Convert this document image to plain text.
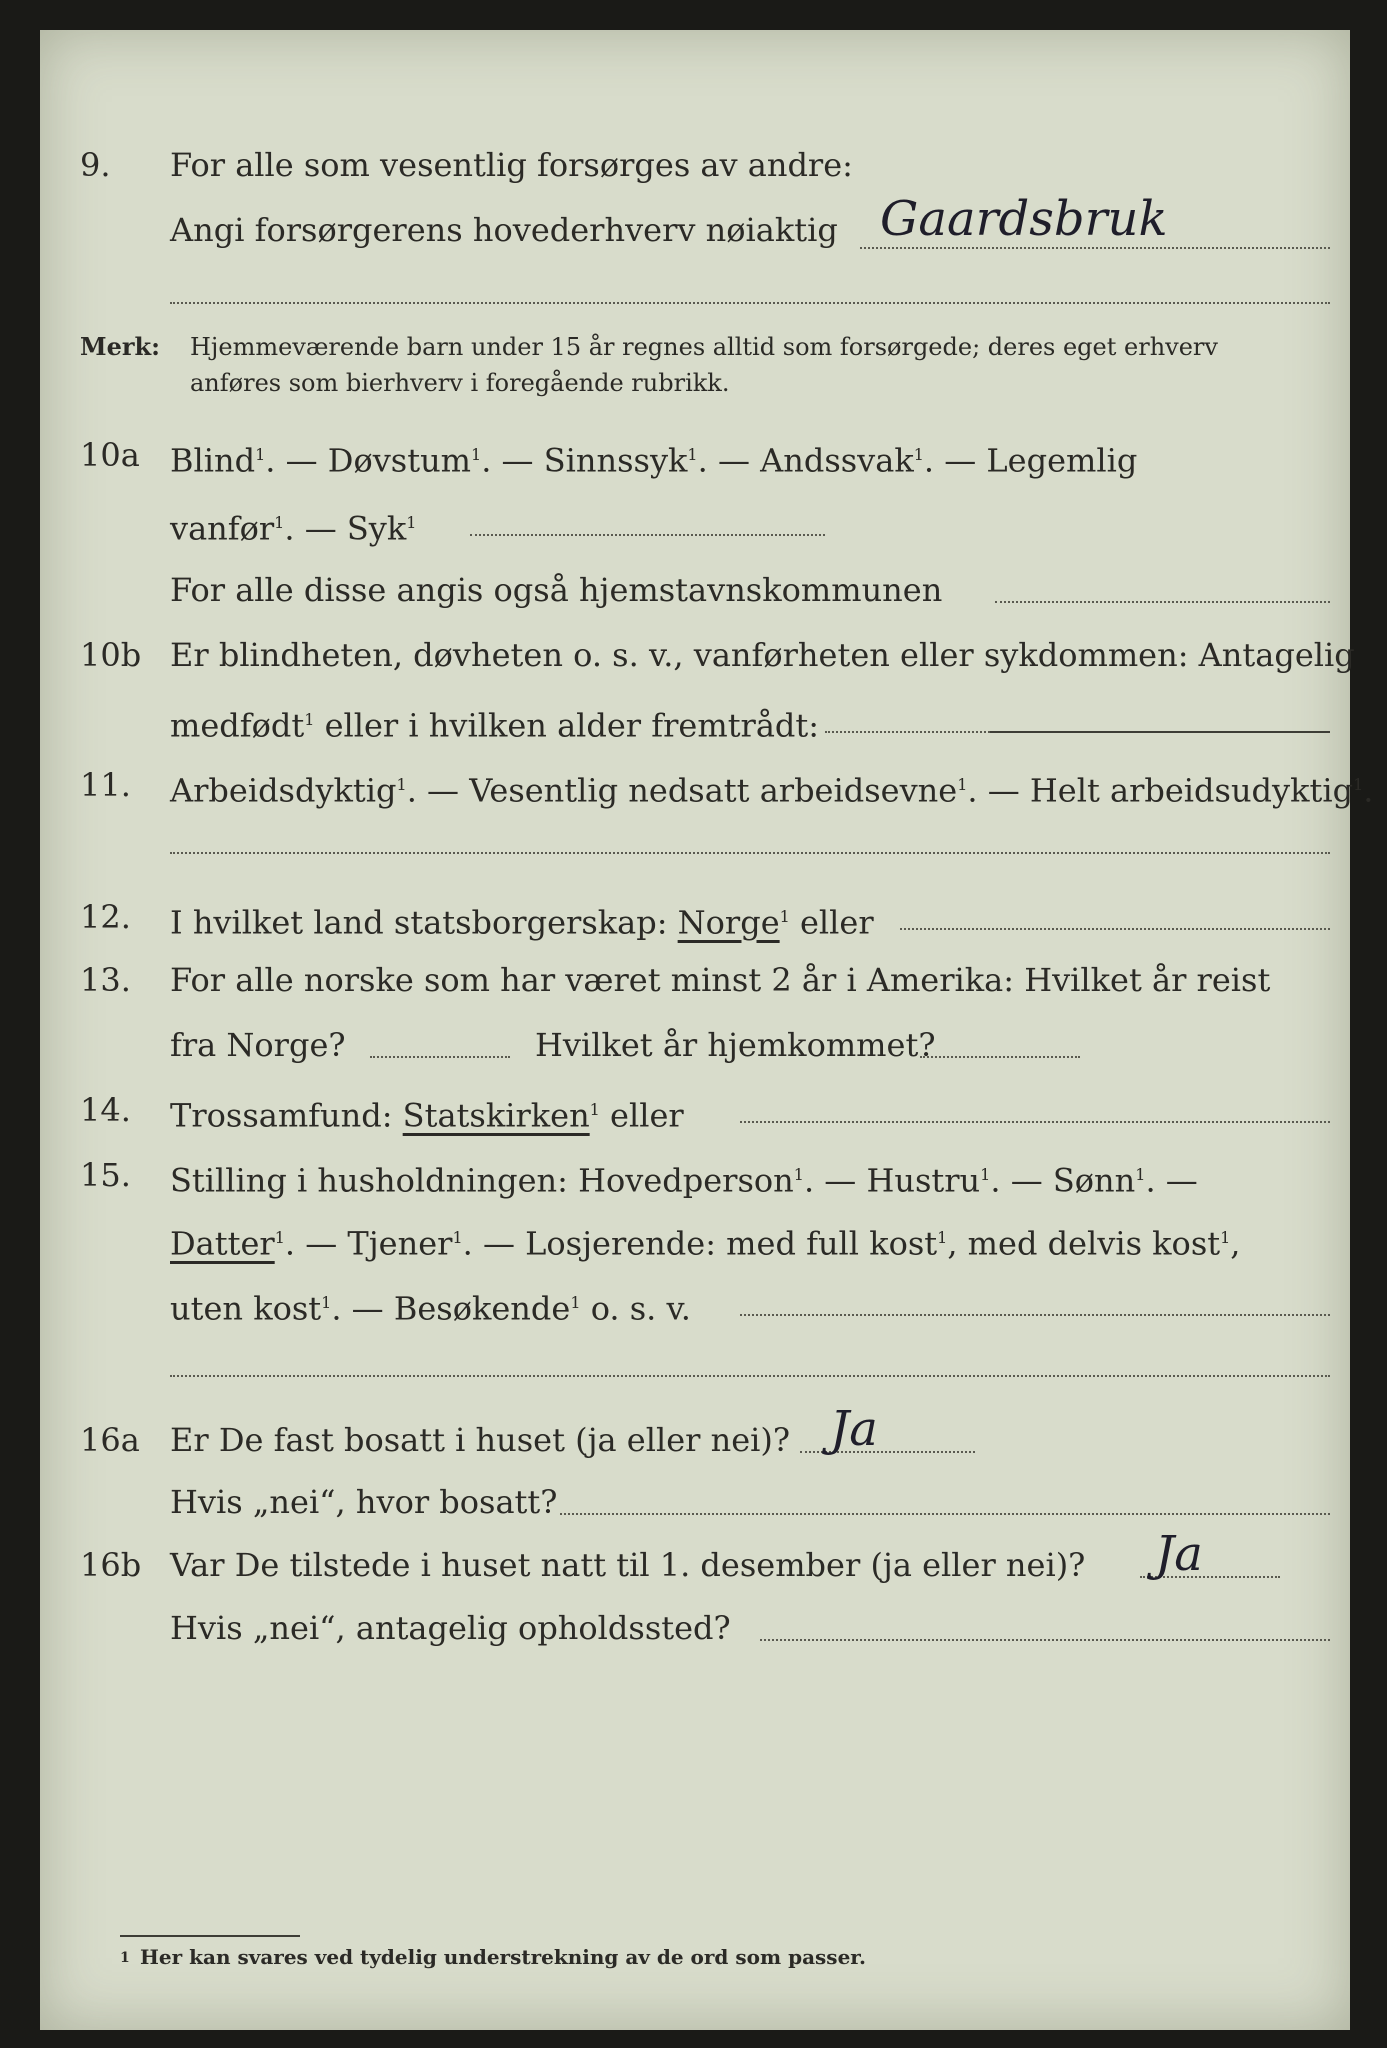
9. For alle som vesentlig forsørges av andre:
Angi forsørgerens hovederhverv nøiaktig Gaardsbruk
Merk: Hjemmeværende barn under 15 år regnes alltid som forsørgede; deres eget erhverv
anføres som bierhverv i foregående rubrikk.
10a Blind$^1$. — Døvstum$^1$. — Sinnssyk$^1$. — Andssvak$^1$. — Legemlig
vanfør$^1$. — Syk$^1$
For alle disse angis også hjemstavnskommunen
10b Er blindheten, døvheten o. s. v., vanførheten eller sykdommen: Antagelig
medfødt$^1$ eller i hvilken alder fremtrådt:
11. Arbeidsdyktig$^1$. — Vesentlig nedsatt arbeidsevne$^1$. — Helt arbeidsudyktig$^1$.
12. I hvilket land statsborgerskap: Norge$^1$ eller
13. For alle norske som har været minst 2 år i Amerika: Hvilket år reist
fra Norge?	Hvilket år hjemkommet?
14. Trossamfund: Statskirken$^1$ eller
15. Stilling i husholdningen: Hovedperson$^1$. — Hustru$^1$. — Sønn$^1$. —
Datter$^1$. — Tjener$^1$. — Losjerende: med full kost$^1$, med delvis kost$^1$,
uten kost$^1$. — Besøkende$^1$ o. s. v.
16a Er De fast bosatt i huset (ja eller nei)? Ja
Hvis „nei“, hvor bosatt?
16b Var De tilstede i huset natt til 1. desember (ja eller nei)? Ja
Hvis „nei“, antagelig opholdssted?
1 Her kan svares ved tydelig understrekning av de ord som passer.
